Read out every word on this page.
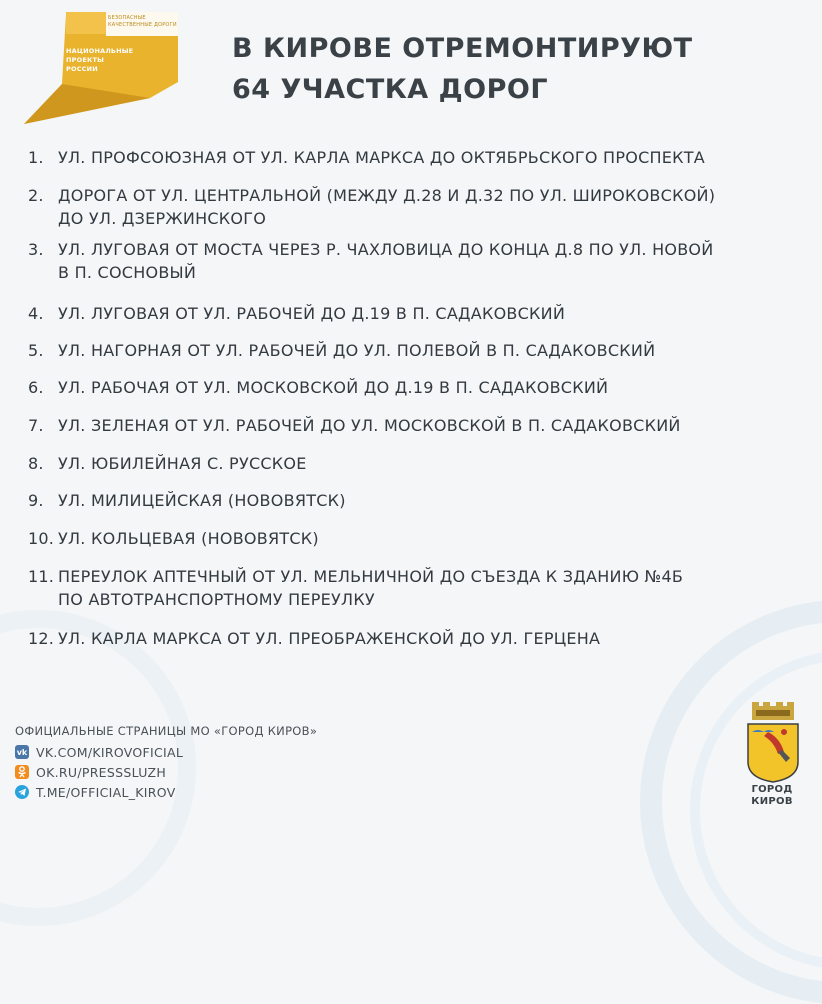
БЕЗОПАСНЫЕ
КАЧЕСТВЕННЫЕ ДОРОГИ
НАЦИОНАЛЬНЫЕ
ПРОЕКТЫ
РОССИИ
В КИРОВЕ ОТРЕМОНТИРУЮТ
64 УЧАСТКА ДОРОГ
1. УЛ. ПРОФСОЮЗНАЯ ОТ УЛ. КАРЛА МАРКСА ДО ОКТЯБРЬСКОГО ПРОСПЕКТА
2. ДОРОГА ОТ УЛ. ЦЕНТРАЛЬНОЙ (МЕЖДУ Д.28 И Д.32 ПО УЛ. ШИРОКОВСКОЙ)
ДО УЛ. ДЗЕРЖИНСКОГО
3. УЛ. ЛУГОВАЯ ОТ МОСТА ЧЕРЕЗ Р. ЧАХЛОВИЦА ДО КОНЦА Д.8 ПО УЛ. НОВОЙ
В П. СОСНОВЫЙ
4. УЛ. ЛУГОВАЯ ОТ УЛ. РАБОЧЕЙ ДО Д.19 В П. САДАКОВСКИЙ
5. УЛ. НАГОРНАЯ ОТ УЛ. РАБОЧЕЙ ДО УЛ. ПОЛЕВОЙ В П. САДАКОВСКИЙ
6. УЛ. РАБОЧАЯ ОТ УЛ. МОСКОВСКОЙ ДО Д.19 В П. САДАКОВСКИЙ
7. УЛ. ЗЕЛЕНАЯ ОТ УЛ. РАБОЧЕЙ ДО УЛ. МОСКОВСКОЙ В П. САДАКОВСКИЙ
8. УЛ. ЮБИЛЕЙНАЯ С. РУССКОЕ
9. УЛ. МИЛИЦЕЙСКАЯ (НОВОВЯТСК)
10. УЛ. КОЛЬЦЕВАЯ (НОВОВЯТСК)
11. ПЕРЕУЛОК АПТЕЧНЫЙ ОТ УЛ. МЕЛЬНИЧНОЙ ДО СЪЕЗДА К ЗДАНИЮ №4Б
ПО АВТОТРАНСПОРТНОМУ ПЕРЕУЛКУ
12. УЛ. КАРЛА МАРКСА ОТ УЛ. ПРЕОБРАЖЕНСКОЙ ДО УЛ. ГЕРЦЕНА
ОФИЦИАЛЬНЫЕ СТРАНИЦЫ МО «ГОРОД КИРОВ»
vk VK.COM/KIROVOFICIAL
OK.RU/PRESSSLUZH
T.ME/OFFICIAL_KIROV	ГОРОД
КИРОВ
